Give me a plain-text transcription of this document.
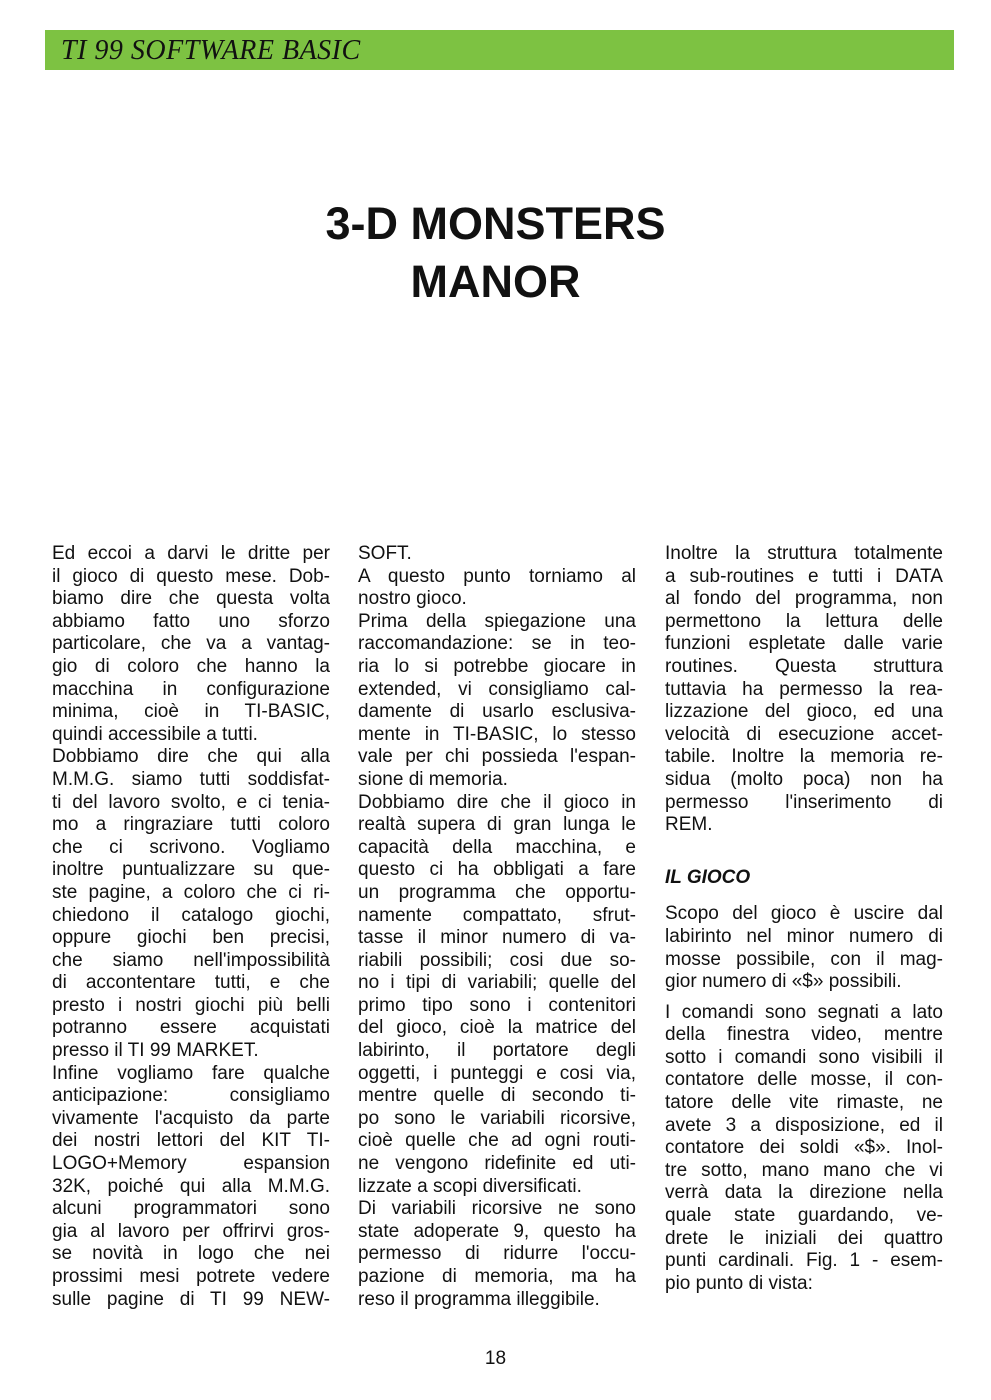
TI 99 SOFTWARE BASIC
3-D MONSTERS
MANOR
Ed eccoi a darvi le dritte per
il gioco di questo mese. Dob-
biamo dire che questa volta
abbiamo fatto uno sforzo
particolare, che va a vantag-
gio di coloro che hanno la
macchina in configurazione
minima, cioè in TI-BASIC,
quindi accessibile a tutti.
Dobbiamo dire che qui alla
M.M.G. siamo tutti soddisfat-
ti del lavoro svolto, e ci tenia-
mo a ringraziare tutti coloro
che ci scrivono. Vogliamo
inoltre puntualizzare su que-
ste pagine, a coloro che ci ri-
chiedono il catalogo giochi,
oppure giochi ben precisi,
che siamo nell'impossibilità
di accontentare tutti, e che
presto i nostri giochi più belli
potranno essere acquistati
presso il TI 99 MARKET.
Infine vogliamo fare qualche
anticipazione: consigliamo
vivamente l'acquisto da parte
dei nostri lettori del KIT TI-
LOGO+Memory espansion
32K, poiché qui alla M.M.G.
alcuni programmatori sono
gia al lavoro per offrirvi gros-
se novità in logo che nei
prossimi mesi potrete vedere
sulle pagine di TI 99 NEW-
SOFT.
A questo punto torniamo al
nostro gioco.
Prima della spiegazione una
raccomandazione: se in teo-
ria lo si potrebbe giocare in
extended, vi consigliamo cal-
damente di usarlo esclusiva-
mente in TI-BASIC, lo stesso
vale per chi possieda l'espan-
sione di memoria.
Dobbiamo dire che il gioco in
realtà supera di gran lunga le
capacità della macchina, e
questo ci ha obbligati a fare
un programma che opportu-
namente compattato, sfrut-
tasse il minor numero di va-
riabili possibili; cosi due so-
no i tipi di variabili; quelle del
primo tipo sono i contenitori
del gioco, cioè la matrice del
labirinto, il portatore degli
oggetti, i punteggi e cosi via,
mentre quelle di secondo ti-
po sono le variabili ricorsive,
cioè quelle che ad ogni routi-
ne vengono ridefinite ed uti-
lizzate a scopi diversificati.
Di variabili ricorsive ne sono
state adoperate 9, questo ha
permesso di ridurre l'occu-
pazione di memoria, ma ha
reso il programma illeggibile.
Inoltre la struttura totalmente
a sub-routines e tutti i DATA
al fondo del programma, non
permettono la lettura delle
funzioni espletate dalle varie
routines. Questa struttura
tuttavia ha permesso la rea-
lizzazione del gioco, ed una
velocità di esecuzione accet-
tabile. Inoltre la memoria re-
sidua (molto poca) non ha
permesso l'inserimento di
REM.
IL GIOCO
Scopo del gioco è uscire dal
labirinto nel minor numero di
mosse possibile, con il mag-
gior numero di «$» possibili.
I comandi sono segnati a lato
della finestra video, mentre
sotto i comandi sono visibili il
contatore delle mosse, il con-
tatore delle vite rimaste, ne
avete 3 a disposizione, ed il
contatore dei soldi «$». Inol-
tre sotto, mano mano che vi
verrà data la direzione nella
quale state guardando, ve-
drete le iniziali dei quattro
punti cardinali. Fig. 1 - esem-
pio punto di vista:
18
